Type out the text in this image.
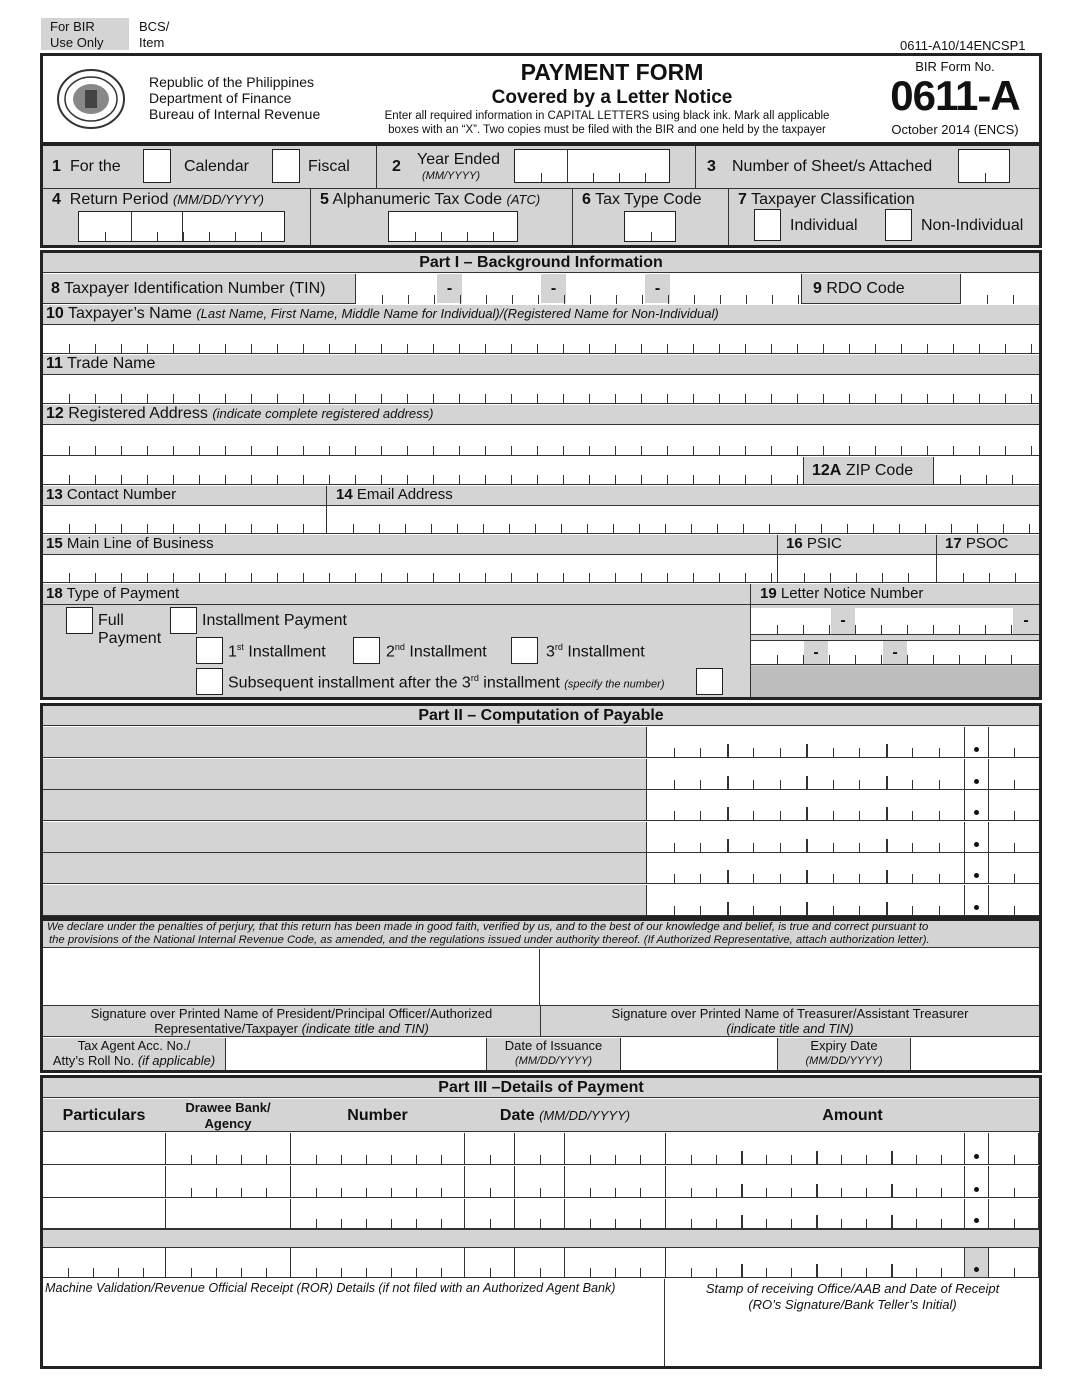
For BIR Use Only
BCS/ Item	0611-A10/14ENCSP1
Republic of the Philippines
Department of Finance
Bureau of Internal Revenue
PAYMENT FORM
Covered by a Letter Notice
Enter all required information in CAPITAL LETTERS using black ink. Mark all applicable
boxes with an “X”. Two copies must be filed with the BIR and one held by the taxpayer
BIR Form No.
0611-A
October 2014 (ENCS)
1 For the	Calendar	Fiscal	2 Year Ended
(MM/YYYY)
3 Number of Sheet/s Attached
4 Return Period (MM/DD/YYYY)	5 Alphanumeric Tax Code (ATC)	6 Tax Type Code 7 Taxpayer Classification
Individual	Non-Individual
Part I – Background Information
8 Taxpayer Identification Number (TIN)	-	-	-	9 RDO Code
10 Taxpayer’s Name (Last Name, First Name, Middle Name for Individual)/(Registered Name for Non-Individual)
11 Trade Name
12 Registered Address (indicate complete registered address)
12A ZIP Code
13 Contact Number	14 Email Address
15 Main Line of Business	16 PSIC	17 PSOC
18 Type of Payment	19 Letter Notice Number
Full
Payment
Installment Payment
1st Installment	2nd Installment	3rd Installment
Subsequent installment after the 3rd installment (specify the number)
-	-
-	-
Part II – Computation of Payable

We declare under the penalties of perjury, that this return has been made in good faith, verified by us, and to the best of our knowledge and belief, is true and correct pursuant to
the provisions of the National Internal Revenue Code, as amended, and the regulations issued under authority thereof. (If Authorized Representative, attach authorization letter).
Signature over Printed Name of President/Principal Officer/Authorized
Representative/Taxpayer (indicate title and TIN)
Signature over Printed Name of Treasurer/Assistant Treasurer
(indicate title and TIN)
Tax Agent Acc. No./
Atty’s Roll No. (if applicable)
Date of Issuance
(MM/DD/YYYY)
Expiry Date
(MM/DD/YYYY)
Part III –Details of Payment
Particulars	Drawee Bank/
Agency	Number	Date (MM/DD/YYYY)	Amount

Machine Validation/Revenue Official Receipt (ROR) Details (if not filed with an Authorized Agent Bank)	Stamp of receiving Office/AAB and Date of Receipt
(RO’s Signature/Bank Teller’s Initial)
